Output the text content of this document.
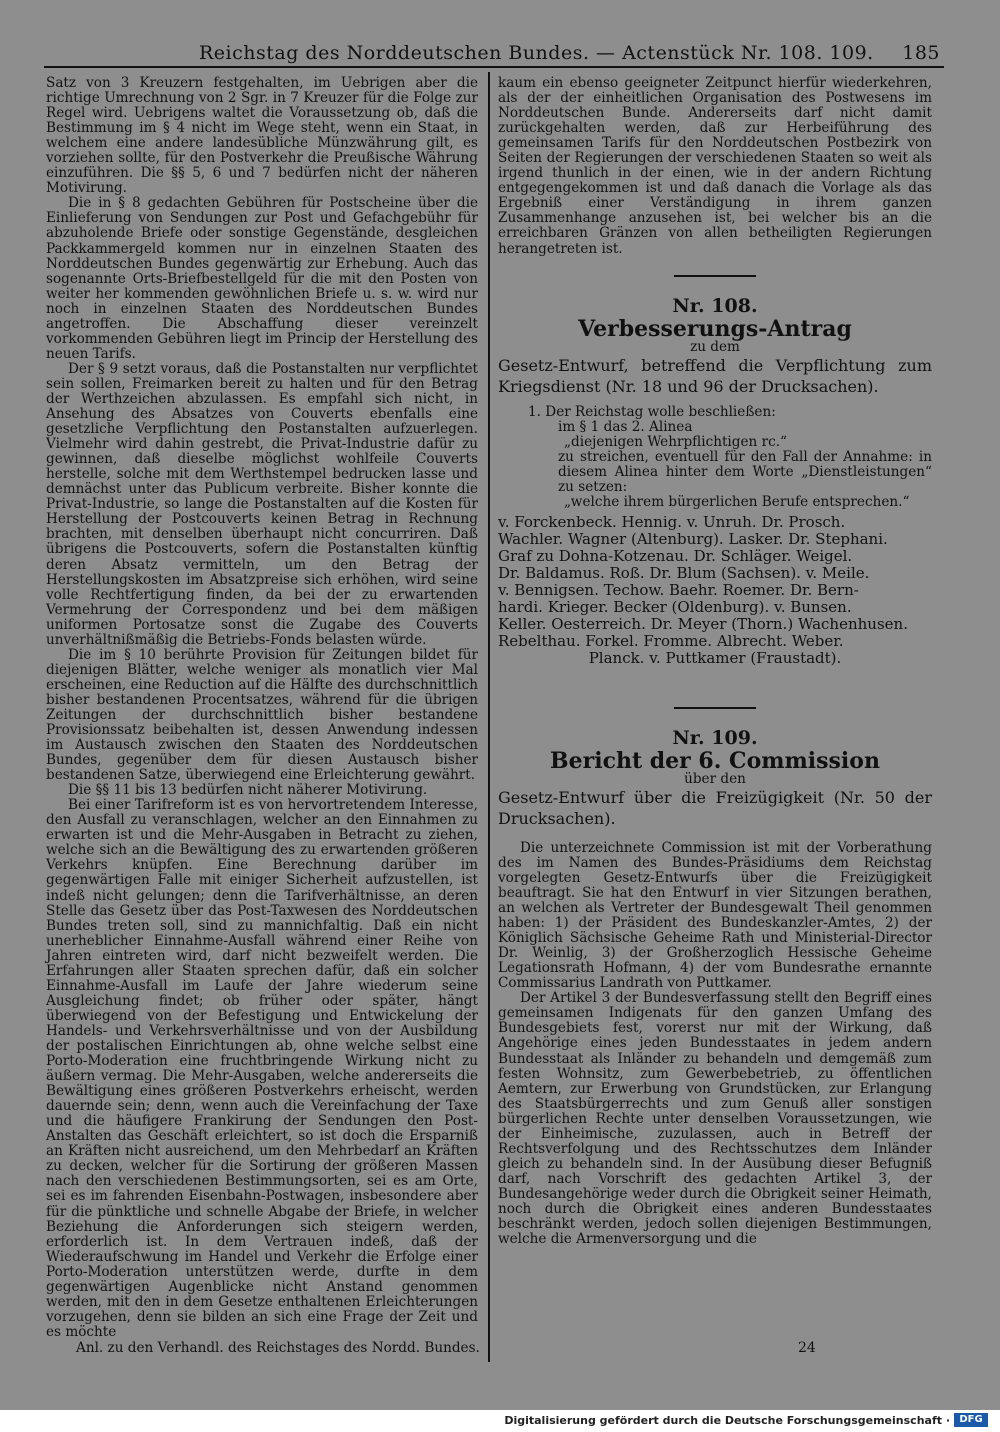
Reichstag des Norddeutschen Bundes. — Actenstück Nr. 108. 109. 185

Satz von 3 Kreuzern festgehalten, im Uebrigen aber die richtige Umrechnung von 2 Sgr. in 7 Kreuzer für die Folge zur Regel wird. Uebrigens waltet die Voraussetzung ob, daß die Bestimmung im § 4 nicht im Wege steht, wenn ein Staat, in welchem eine andere landesübliche Münzwährung gilt, es vorziehen sollte, für den Postverkehr die Preußische Währung einzuführen. Die §§ 5, 6 und 7 bedürfen nicht der näheren Motivirung.

Die in § 8 gedachten Gebühren für Postscheine über die Einlieferung von Sendungen zur Post und Gefachgebühr für abzuholende Briefe oder sonstige Gegenstände, desgleichen Packkammergeld kommen nur in einzelnen Staaten des Norddeutschen Bundes gegenwärtig zur Erhebung. Auch das sogenannte Orts-Briefbestellgeld für die mit den Posten von weiter her kommenden gewöhnlichen Briefe u. s. w. wird nur noch in einzelnen Staaten des Norddeutschen Bundes angetroffen. Die Abschaffung dieser vereinzelt vorkommenden Gebühren liegt im Princip der Herstellung des neuen Tarifs.

Der § 9 setzt voraus, daß die Postanstalten nur verpflichtet sein sollen, Freimarken bereit zu halten und für den Betrag der Werthzeichen abzulassen. Es empfahl sich nicht, in Ansehung des Absatzes von Couverts ebenfalls eine gesetzliche Verpflichtung den Postanstalten aufzuerlegen. Vielmehr wird dahin gestrebt, die Privat-Industrie dafür zu gewinnen, daß dieselbe möglichst wohlfeile Couverts herstelle, solche mit dem Werthstempel bedrucken lasse und demnächst unter das Publicum verbreite. Bisher konnte die Privat-Industrie, so lange die Postanstalten auf die Kosten für Herstellung der Postcouverts keinen Betrag in Rechnung brachten, mit denselben überhaupt nicht concurriren. Daß übrigens die Postcouverts, sofern die Postanstalten künftig deren Absatz vermitteln, um den Betrag der Herstellungskosten im Absatzpreise sich erhöhen, wird seine volle Rechtfertigung finden, da bei der zu erwartenden Vermehrung der Correspondenz und bei dem mäßigen uniformen Portosatze sonst die Zugabe des Couverts unverhältnißmäßig die Betriebs-Fonds belasten würde.

Die im § 10 berührte Provision für Zeitungen bildet für diejenigen Blätter, welche weniger als monatlich vier Mal erscheinen, eine Reduction auf die Hälfte des durchschnittlich bisher bestandenen Procentsatzes, während für die übrigen Zeitungen der durchschnittlich bisher bestandene Provisionssatz beibehalten ist, dessen Anwendung indessen im Austausch zwischen den Staaten des Norddeutschen Bundes, gegenüber dem für diesen Austausch bisher bestandenen Satze, überwiegend eine Erleichterung gewährt.

Die §§ 11 bis 13 bedürfen nicht näherer Motivirung.

Bei einer Tarifreform ist es von hervortretendem Interesse, den Ausfall zu veranschlagen, welcher an den Einnahmen zu erwarten ist und die Mehr-Ausgaben in Betracht zu ziehen, welche sich an die Bewältigung des zu erwartenden größeren Verkehrs knüpfen. Eine Berechnung darüber im gegenwärtigen Falle mit einiger Sicherheit aufzustellen, ist indeß nicht gelungen; denn die Tarifverhältnisse, an deren Stelle das Gesetz über das Post-Taxwesen des Norddeutschen Bundes treten soll, sind zu mannichfaltig. Daß ein nicht unerheblicher Einnahme-Ausfall während einer Reihe von Jahren eintreten wird, darf nicht bezweifelt werden. Die Erfahrungen aller Staaten sprechen dafür, daß ein solcher Einnahme-Ausfall im Laufe der Jahre wiederum seine Ausgleichung findet; ob früher oder später, hängt überwiegend von der Befestigung und Entwickelung der Handels- und Verkehrsverhältnisse und von der Ausbildung der postalischen Einrichtungen ab, ohne welche selbst eine Porto-Moderation eine fruchtbringende Wirkung nicht zu äußern vermag. Die Mehr-Ausgaben, welche andererseits die Bewältigung eines größeren Postverkehrs erheischt, werden dauernde sein; denn, wenn auch die Vereinfachung der Taxe und die häufigere Frankirung der Sendungen den Post-Anstalten das Geschäft erleichtert, so ist doch die Ersparniß an Kräften nicht ausreichend, um den Mehrbedarf an Kräften zu decken, welcher für die Sortirung der größeren Massen nach den verschiedenen Bestimmungsorten, sei es am Orte, sei es im fahrenden Eisenbahn-Postwagen, insbesondere aber für die pünktliche und schnelle Abgabe der Briefe, in welcher Beziehung die Anforderungen sich steigern werden, erforderlich ist. In dem Vertrauen indeß, daß der Wiederaufschwung im Handel und Verkehr die Erfolge einer Porto-Moderation unterstützen werde, durfte in dem gegenwärtigen Augenblicke nicht Anstand genommen werden, mit den in dem Gesetze enthaltenen Erleichterungen vorzugehen, denn sie bilden an sich eine Frage der Zeit und es möchte

Anl. zu den Verhandl. des Reichstages des Nordd. Bundes.

kaum ein ebenso geeigneter Zeitpunct hierfür wiederkehren, als der der einheitlichen Organisation des Postwesens im Norddeutschen Bunde. Andererseits darf nicht damit zurückgehalten werden, daß zur Herbeiführung des gemeinsamen Tarifs für den Norddeutschen Postbezirk von Seiten der Regierungen der verschiedenen Staaten so weit als irgend thunlich in der einen, wie in der andern Richtung entgegengekommen ist und daß danach die Vorlage als das Ergebniß einer Verständigung in ihrem ganzen Zusammenhange anzusehen ist, bei welcher bis an die erreichbaren Gränzen von allen betheiligten Regierungen herangetreten ist.

Nr. 108.
Verbesserungs-Antrag
zu dem

Gesetz-Entwurf, betreffend die Verpflichtung zum Kriegsdienst (Nr. 18 und 96 der Drucksachen).

1. Der Reichstag wolle beschließen:
im § 1 das 2. Alinea
„diejenigen Wehrpflichtigen rc.“
zu streichen, eventuell für den Fall der Annahme: in diesem Alinea hinter dem Worte „Dienstleistungen“ zu setzen:
„welche ihrem bürgerlichen Berufe entsprechen.“
v. Forckenbeck. Hennig. v. Unruh. Dr. Prosch.
Wachler. Wagner (Altenburg). Lasker. Dr. Stephani.
Graf zu Dohna-Kotzenau. Dr. Schläger. Weigel.
Dr. Baldamus. Roß. Dr. Blum (Sachsen). v. Meile.
v. Bennigsen. Techow. Baehr. Roemer. Dr. Bern-
hardi. Krieger. Becker (Oldenburg). v. Bunsen.
Keller. Oesterreich. Dr. Meyer (Thorn.) Wachenhusen.
Rebelthau. Forkel. Fromme. Albrecht. Weber.
Planck. v. Puttkamer (Fraustadt).
Nr. 109.
Bericht der 6. Commission
über den

Gesetz-Entwurf über die Freizügigkeit (Nr. 50 der Drucksachen).

Die unterzeichnete Commission ist mit der Vorberathung des im Namen des Bundes-Präsidiums dem Reichstag vorgelegten Gesetz-Entwurfs über die Freizügigkeit beauftragt. Sie hat den Entwurf in vier Sitzungen berathen, an welchen als Vertreter der Bundesgewalt Theil genommen haben: 1) der Präsident des Bundeskanzler-Amtes, 2) der Königlich Sächsische Geheime Rath und Ministerial-Director Dr. Weinlig, 3) der Großherzoglich Hessische Geheime Legationsrath Hofmann, 4) der vom Bundesrathe ernannte Commissarius Landrath von Puttkamer.

Der Artikel 3 der Bundesverfassung stellt den Begriff eines gemeinsamen Indigenats für den ganzen Umfang des Bundesgebiets fest, vorerst nur mit der Wirkung, daß Angehörige eines jeden Bundesstaates in jedem andern Bundesstaat als Inländer zu behandeln und demgemäß zum festen Wohnsitz, zum Gewerbebetrieb, zu öffentlichen Aemtern, zur Erwerbung von Grundstücken, zur Erlangung des Staatsbürgerrechts und zum Genuß aller sonstigen bürgerlichen Rechte unter denselben Voraussetzungen, wie der Einheimische, zuzulassen, auch in Betreff der Rechtsverfolgung und des Rechtsschutzes dem Inländer gleich zu behandeln sind. In der Ausübung dieser Befugniß darf, nach Vorschrift des gedachten Artikel 3, der Bundesangehörige weder durch die Obrigkeit seiner Heimath, noch durch die Obrigkeit eines anderen Bundesstaates beschränkt werden, jedoch sollen diejenigen Bestimmungen, welche die Armenversorgung und die

24
Digitalisierung gefördert durch die Deutsche Forschungsgemeinschaft · DFG
